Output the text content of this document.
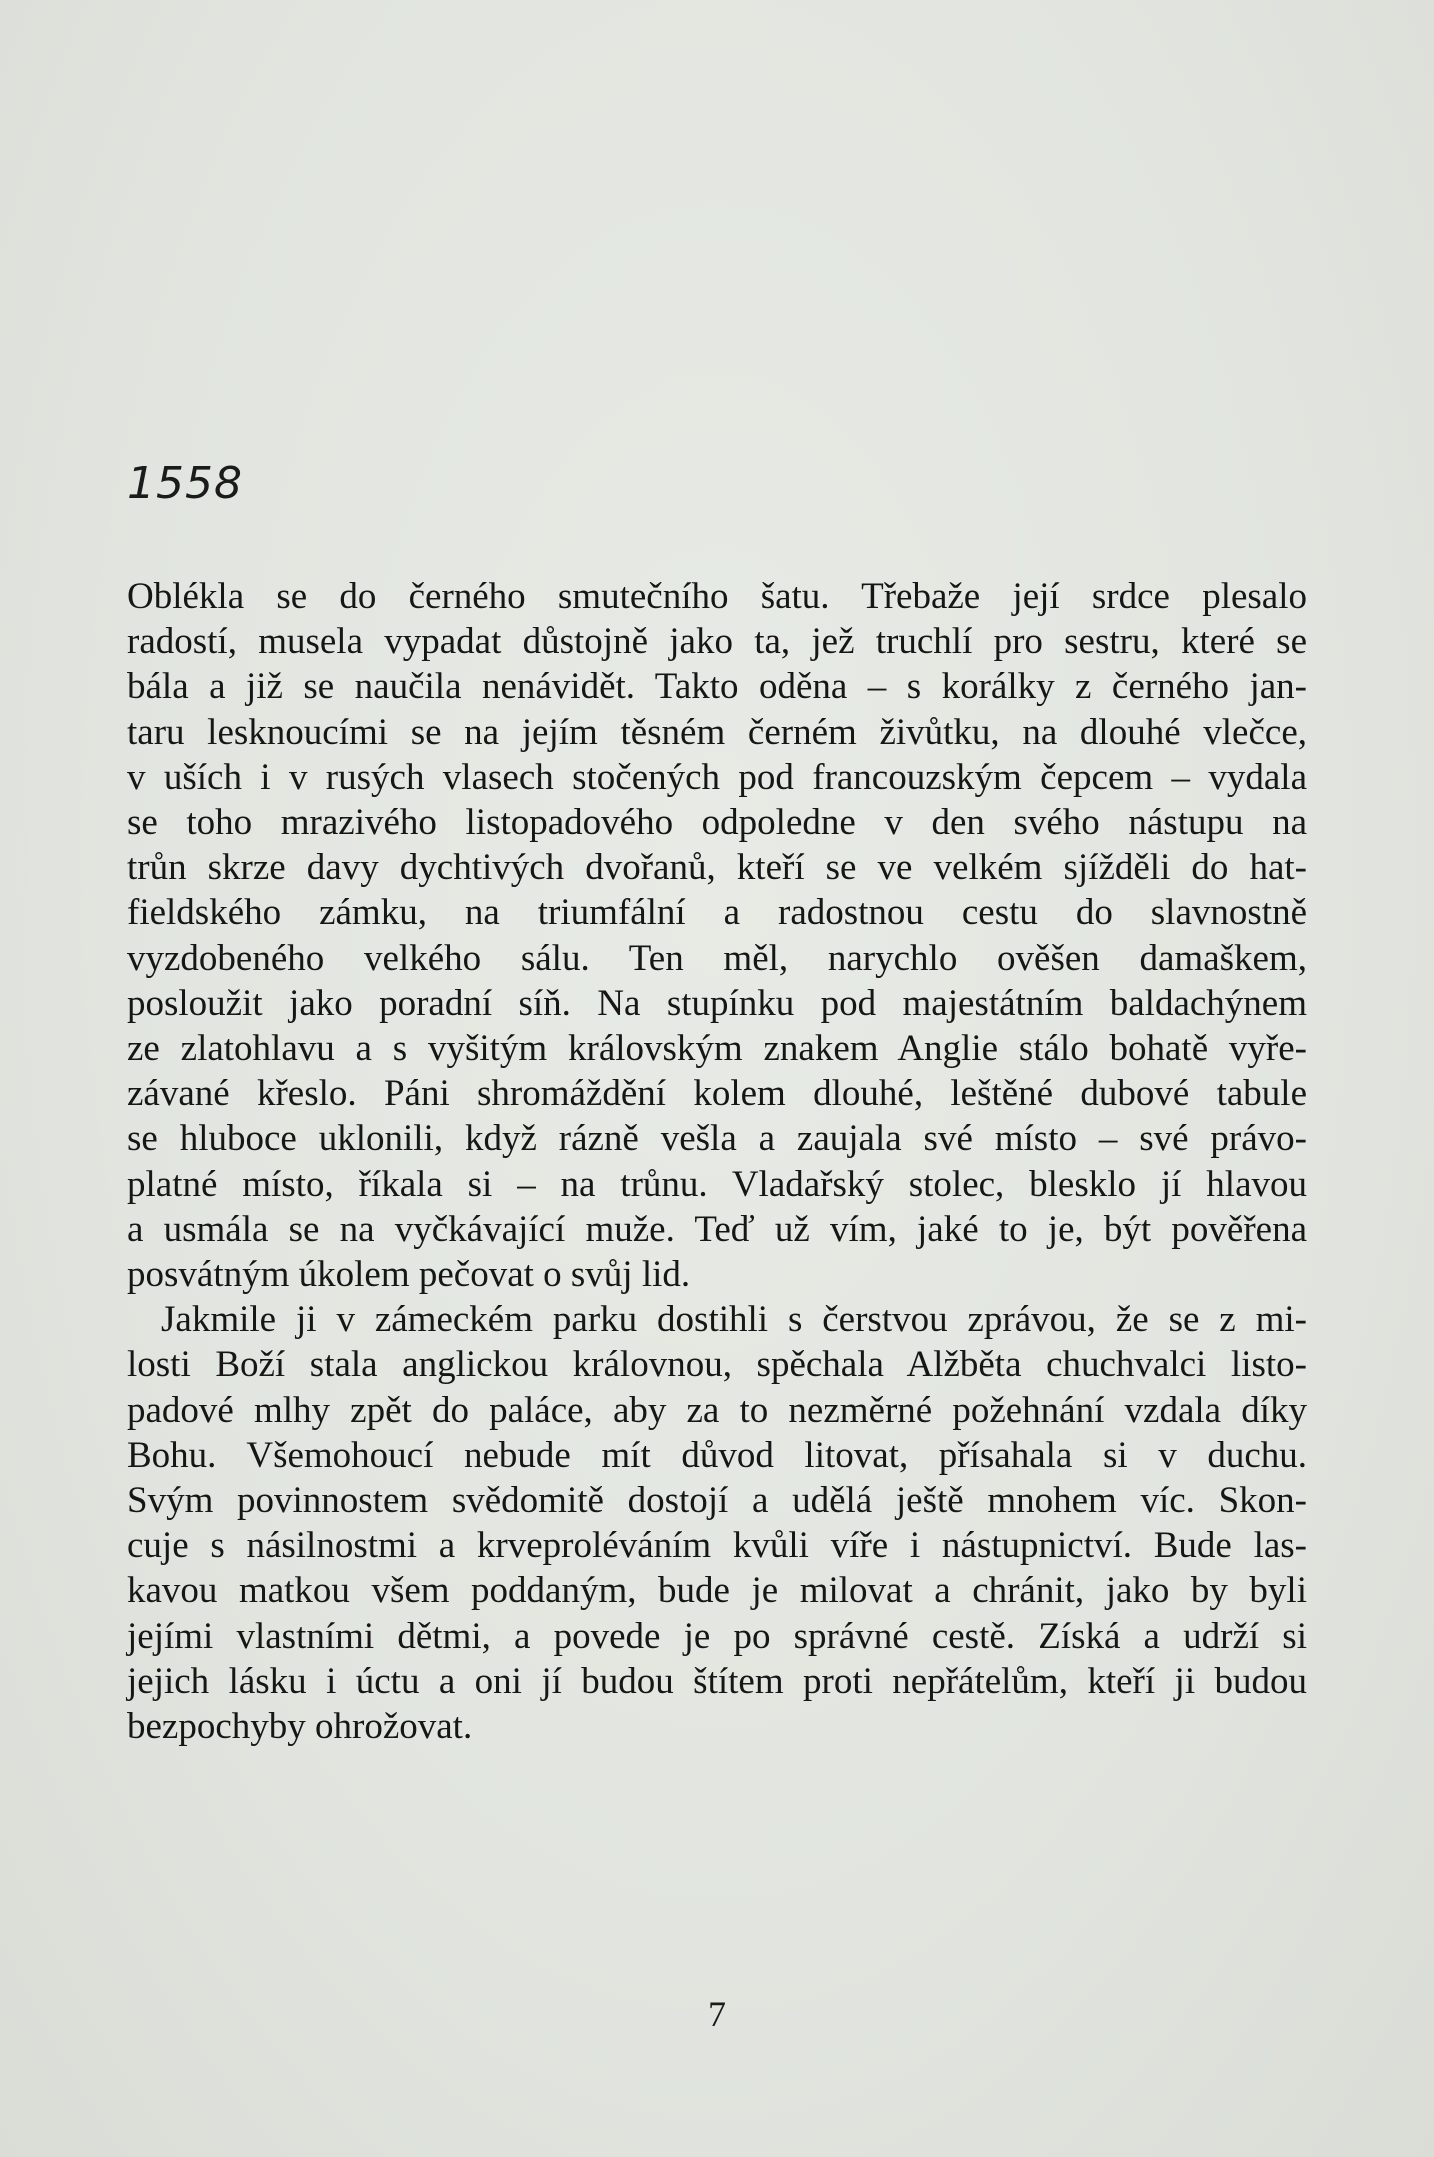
1558

Oblékla se do černého smutečního šatu. Třebaže její srdce plesalo
radostí, musela vypadat důstojně jako ta, jež truchlí pro sestru, které se
bála a již se naučila nenávidět. Takto oděna – s korálky z černého jan-
taru lesknoucími se na jejím těsném černém živůtku, na dlouhé vlečce,
v uších i v rusých vlasech stočených pod francouzským čepcem – vydala
se toho mrazivého listopadového odpoledne v den svého nástupu na
trůn skrze davy dychtivých dvořanů, kteří se ve velkém sjížděli do hat-
fieldského zámku, na triumfální a radostnou cestu do slavnostně
vyzdobeného velkého sálu. Ten měl, narychlo ověšen damaškem,
posloužit jako poradní síň. Na stupínku pod majestátním baldachýnem
ze zlatohlavu a s vyšitým královským znakem Anglie stálo bohatě vyře-
závané křeslo. Páni shromáždění kolem dlouhé, leštěné dubové tabule
se hluboce uklonili, když rázně vešla a zaujala své místo – své právo-
platné místo, říkala si – na trůnu. Vladařský stolec, blesklo jí hlavou
a usmála se na vyčkávající muže. Teď už vím, jaké to je, být pověřena
posvátným úkolem pečovat o svůj lid.

Jakmile ji v zámeckém parku dostihli s čerstvou zprávou, že se z mi-
losti Boží stala anglickou královnou, spěchala Alžběta chuchvalci listo-
padové mlhy zpět do paláce, aby za to nezměrné požehnání vzdala díky
Bohu. Všemohoucí nebude mít důvod litovat, přísahala si v duchu.
Svým povinnostem svědomitě dostojí a udělá ještě mnohem víc. Skon-
cuje s násilnostmi a krveproléváním kvůli víře i nástupnictví. Bude las-
kavou matkou všem poddaným, bude je milovat a chránit, jako by byli
jejími vlastními dětmi, a povede je po správné cestě. Získá a udrží si
jejich lásku i úctu a oni jí budou štítem proti nepřátelům, kteří ji budou
bezpochyby ohrožovat.

7
